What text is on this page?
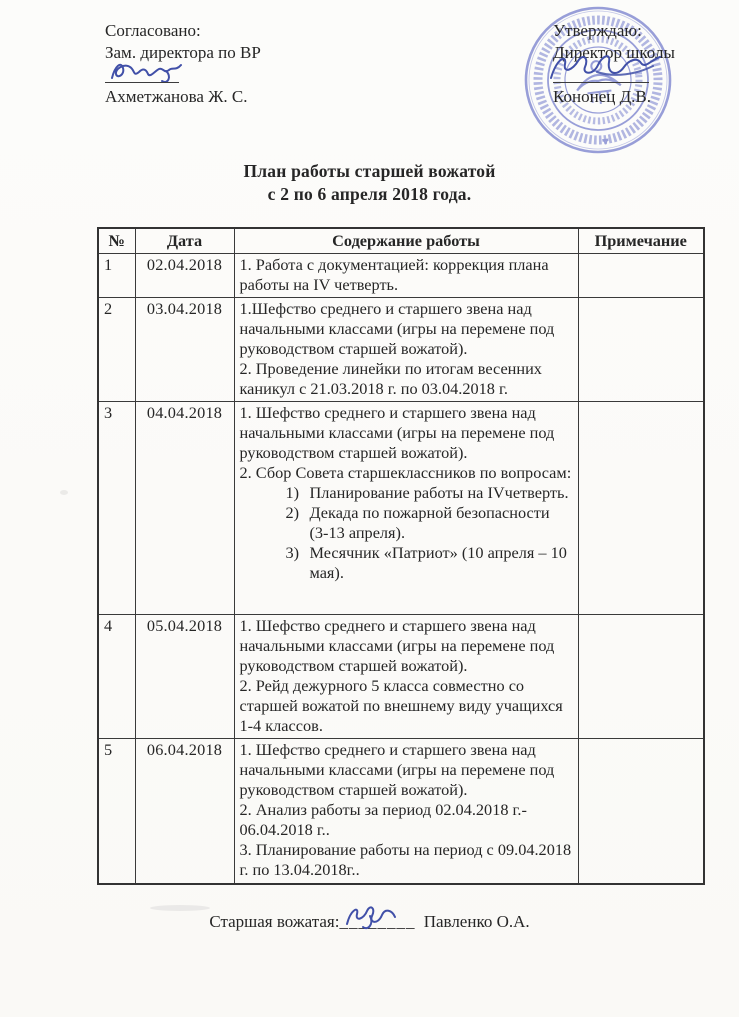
Согласовано:
Зам. директора по ВР
Ахметжанова Ж. С.
Утверждаю:
Директор школы
Кононец Д.В.
План работы старшей вожатой
с 2 по 6 апреля 2018 года.
№	Дата	Содержание работы	Примечание
1	02.04.2018	1. Работа с документацией: коррекция плана работы на IV четверть.	

2	03.04.2018	1.Шефство среднего и старшего звена над начальными классами (игры на перемене под руководством старшей вожатой).
2. Проведение линейки по итогам весенних каникул с 21.03.2018 г. по 03.04.2018 г.	

3	04.04.2018	1. Шефство среднего и старшего звена над начальными классами (игры на перемене под руководством старшей вожатой).
2. Сбор Совета старшеклассников по вопросам:
1) Планирование работы на IVчетверть.
2) Декада по пожарной безопасности (3-13 апреля).
3) Месячник «Патриот» (10 апреля – 10 мая).

4	05.04.2018	1. Шефство среднего и старшего звена над начальными классами (игры на перемене под руководством старшей вожатой).
2. Рейд дежурного 5 класса совместно со старшей вожатой по внешнему виду учащихся 1-4 классов.	

5	06.04.2018	1. Шефство среднего и старшего звена над начальными классами (игры на перемене под руководством старшей вожатой).
2. Анализ работы за период 02.04.2018 г.- 06.04.2018 г..
3. Планирование работы на период с 09.04.2018 г. по 13.04.2018г..	

Старшая вожатая:________ Павленко О.А.
